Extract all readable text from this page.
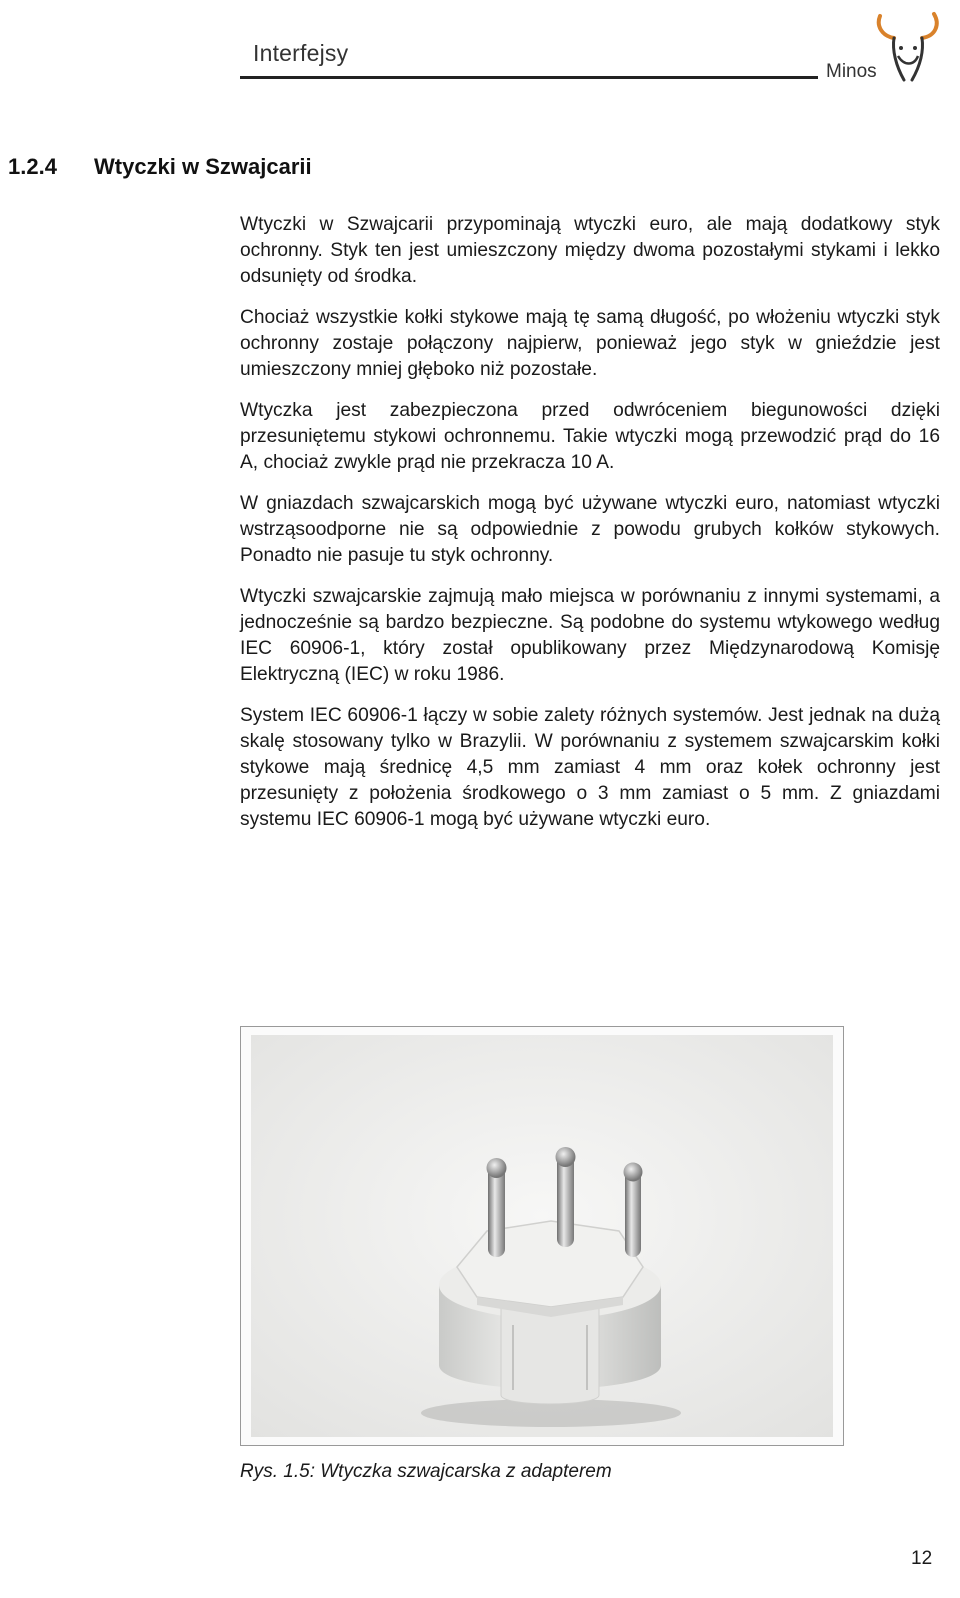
Interfejsy
Minos
1.2.4	Wtyczki w Szwajcarii

Wtyczki w Szwajcarii przypominają wtyczki euro, ale mają dodatkowy styk ochronny. Styk ten jest umieszczony między dwoma pozostałymi stykami i lekko odsunięty od środka.

Chociaż wszystkie kołki stykowe mają tę samą długość, po włożeniu wtyczki styk ochronny zostaje połączony najpierw, ponieważ jego styk w gnieździe jest umieszczony mniej głęboko niż pozostałe.

Wtyczka jest zabezpieczona przed odwróceniem biegunowości dzięki przesuniętemu stykowi ochronnemu. Takie wtyczki mogą przewodzić prąd do 16 A, chociaż zwykle prąd nie przekracza 10 A.

W gniazdach szwajcarskich mogą być używane wtyczki euro, natomiast wtyczki wstrząsoodporne nie są odpowiednie z powodu grubych kołków stykowych. Ponadto nie pasuje tu styk ochronny.

Wtyczki szwajcarskie zajmują mało miejsca w porównaniu z innymi systemami, a jednocześnie są bardzo bezpieczne. Są podobne do systemu wtykowego według IEC 60906-1, który został opublikowany przez Międzynarodową Komisję Elektryczną (IEC) w roku 1986.

System IEC 60906-1 łączy w sobie zalety różnych systemów. Jest jednak na dużą skalę stosowany tylko w Brazylii. W porównaniu z systemem szwajcarskim kołki stykowe mają średnicę 4,5 mm zamiast 4 mm oraz kołek ochronny jest przesunięty z położenia środkowego o 3 mm zamiast o 5 mm. Z gniazdami systemu IEC 60906-1 mogą być używane wtyczki euro.

Rys. 1.5: Wtyczka szwajcarska z adapterem
12
